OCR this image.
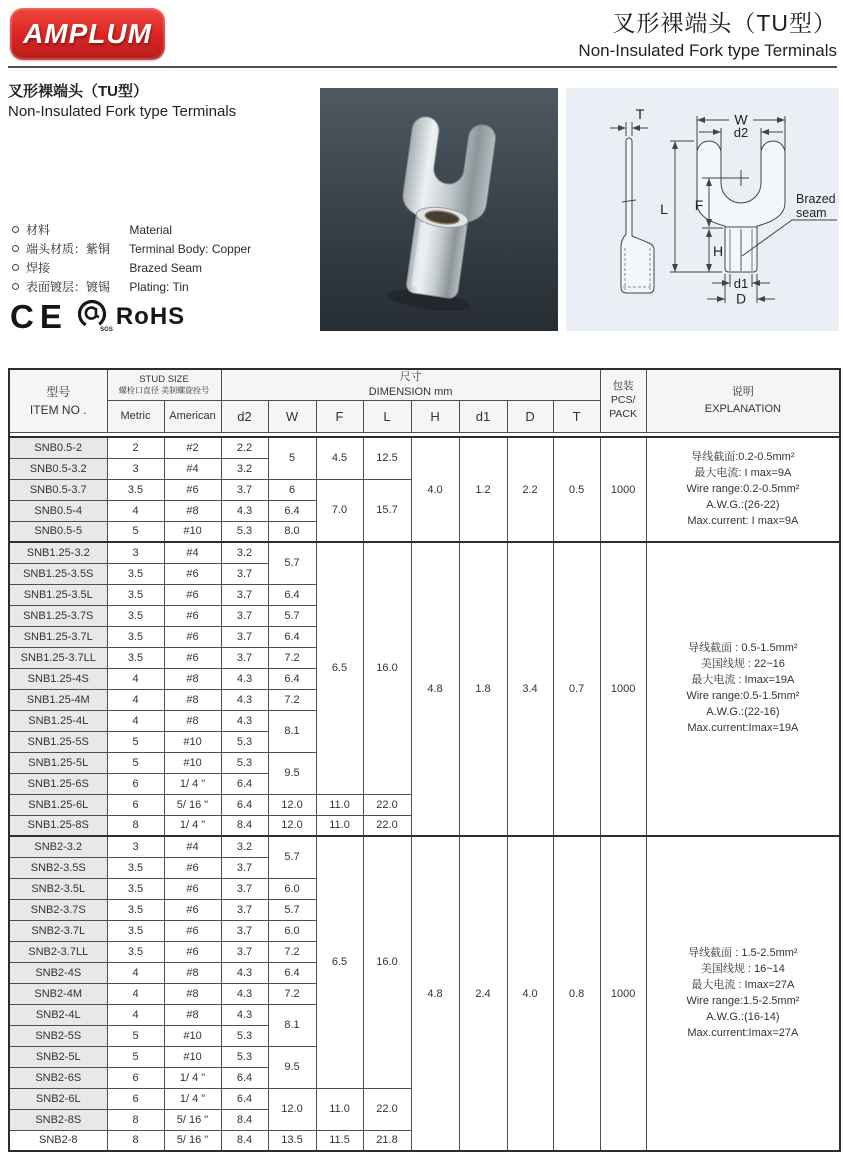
AMPLUM	叉形裸端头（TU型）
Non-Insulated Fork type Terminals
叉形裸端头（TU型）
Non-Insulated Fork type Terminals
材料	Material
端头材质：紫铜 Terminal Body: Copper
焊接	Brazed Seam
表面镀层：镀锡 Plating: Tin
CE	SGS RoHS
W
d2
L F
H
d1
D
T
Brazed
seam
型号
ITEM NO .

STUD SIZE
螺栓口直径 美制螺旋拴号

尺寸
DIMENSION mm	包装
PCS/
PACK

说明
EXPLANATION

	Metric	American	d2	W	F	L	H	d1	D	T		

SNB0.5-2	2	#2	2.2	5	4.5	12.5	4.0	1.2	2.2	0.5	1000	导线截面:0.2-0.5mm²
最大电流: I max=9A
Wire range:0.2-0.5mm²
A.W.G.:(26-22)
Max.current: I max=9A

SNB0.5-3.2	3	#4	3.2									
SNB0.5-3.7	3.5	#6	3.7	6	7.0	15.7						
SNB0.5-4	4	#8	4.3	6.4								
SNB0.5-5	5	#10	5.3	8.0								
SNB1.25-3.2	3	#4	3.2	5.7	6.5	16.0	4.8	1.8	3.4	0.7	1000	
导线截面 : 0.5-1.5mm²
美国线规 : 22~16
最大电流 : Imax=19A
Wire range:0.5-1.5mm²
A.W.G.:(22-16)
Max.current:Imax=19A

SNB1.25-3.5S	3.5	#6	3.7									
SNB1.25-3.5L	3.5	#6	3.7	6.4								
SNB1.25-3.7S	3.5	#6	3.7	5.7								
SNB1.25-3.7L	3.5	#6	3.7	6.4								
SNB1.25-3.7LL	3.5	#6	3.7	7.2								
SNB1.25-4S	4	#8	4.3	6.4								
SNB1.25-4M	4	#8	4.3	7.2								
SNB1.25-4L	4	#8	4.3	8.1								
SNB1.25-5S	5	#10	5.3									
SNB1.25-5L	5	#10	5.3	9.5								
SNB1.25-6S	6	1/ 4 "	6.4									
SNB1.25-6L	6	5/ 16 "	6.4	12.0	11.0	22.0						
SNB1.25-8S	8	1/ 4 "	8.4	12.0	11.0	22.0						
SNB2-3.2	3	#4	3.2	5.7	6.5	16.0	4.8	2.4	4.0	0.8	1000	
导线截面 : 1.5-2.5mm²
美国线规 : 16~14
最大电流 : Imax=27A
Wire range:1.5-2.5mm²
A.W.G.:(16-14)
Max.current:Imax=27A

SNB2-3.5S	3.5	#6	3.7									
SNB2-3.5L	3.5	#6	3.7	6.0								
SNB2-3.7S	3.5	#6	3.7	5.7								
SNB2-3.7L	3.5	#6	3.7	6.0								
SNB2-3.7LL	3.5	#6	3.7	7.2								
SNB2-4S	4	#8	4.3	6.4								
SNB2-4M	4	#8	4.3	7.2								
SNB2-4L	4	#8	4.3	8.1								
SNB2-5S	5	#10	5.3									
SNB2-5L	5	#10	5.3	9.5								
SNB2-6S	6	1/ 4 "	6.4									
SNB2-6L	6	1/ 4 "	6.4	12.0	11.0	22.0						
SNB2-8S	8	5/ 16 "	8.4									
SNB2-8	8	5/ 16 "	8.4	13.5	11.5	21.8						
